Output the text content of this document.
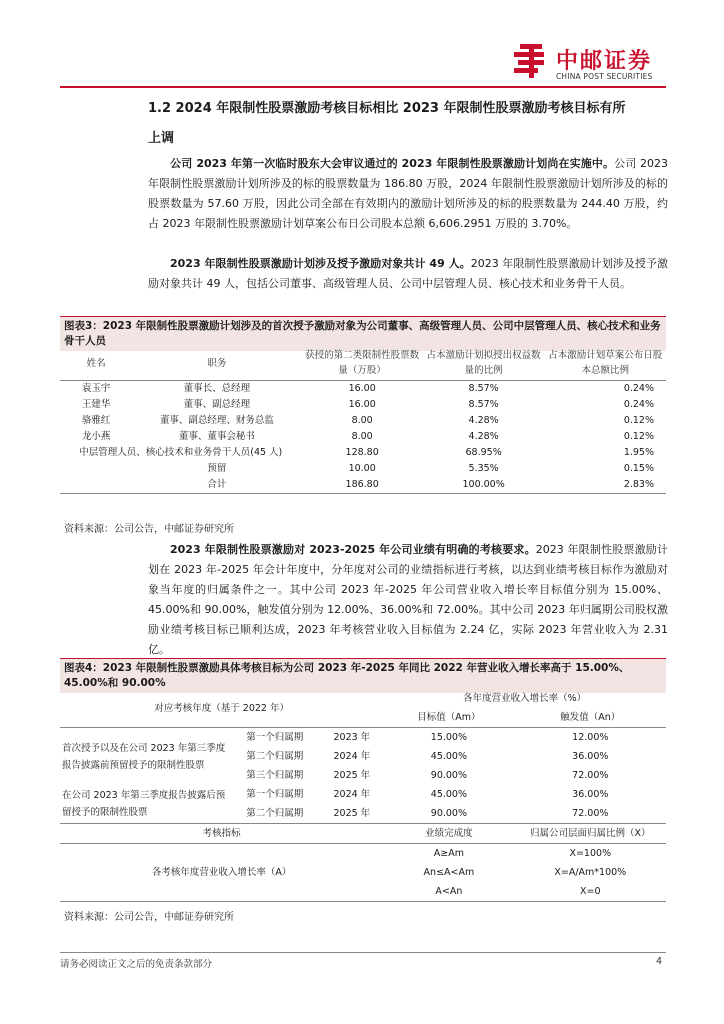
中邮证券
CHINA POST SECURITIES
1.2 2024 年限制性股票激励考核目标相比 2023 年限制性股票激励考核目标有所
上调
公司 2023 年第一次临时股东大会审议通过的 2023 年限制性股票激励计划尚在实施中。公司 2023 年限制性股票激励计划所涉及的标的股票数量为 186.80 万股，2024 年限制性股票激励计划所涉及的标的股票数量为 57.60 万股，因此公司全部在有效期内的激励计划所涉及的标的股票数量为 244.40 万股，约占 2023 年限制性股票激励计划草案公布日公司股本总额 6,606.2951 万股的 3.70%。
2023 年限制性股票激励计划涉及授予激励对象共计 49 人。2023 年限制性股票激励计划涉及授予激励对象共计 49 人，包括公司董事、高级管理人员、公司中层管理人员、核心技术和业务骨干人员。
图表3：2023 年限制性股票激励计划涉及的首次授予激励对象为公司董事、高级管理人员、公司中层管理人员、核心技术和业务骨干人员
姓名	职务	获授的第二类限制性股票数量（万股）	占本激励计划拟授出权益数量的比例	占本激励计划草案公布日股本总额比例
袁玉宇	董事长、总经理	16.00	8.57%	0.24%
王建华	董事、副总经理	16.00	8.57%	0.24%
骆雅红	董事、副总经理、财务总监	8.00	4.28%	0.12%
龙小燕	董事、董事会秘书	8.00	4.28%	0.12%
中层管理人员、核心技术和业务骨干人员(45 人)		128.80	68.95%	1.95%
	预留	10.00	5.35%	0.15%
	合计	186.80	100.00%	2.83%
资料来源：公司公告，中邮证券研究所
2023 年限制性股票激励对 2023-2025 年公司业绩有明确的考核要求。2023 年限制性股票激励计划在 2023 年-2025 年会计年度中，分年度对公司的业绩指标进行考核，以达到业绩考核目标作为激励对象当年度的归属条件之一。其中公司 2023 年-2025 年公司营业收入增长率目标值分别为 15.00%、45.00%和 90.00%，触发值分别为 12.00%、36.00%和 72.00%。其中公司 2023 年归属期公司股权激励业绩考核目标已顺利达成，2023 年考核营业收入目标值为 2.24 亿，实际 2023 年营业收入为 2.31 亿。
图表4：2023 年限制性股票激励具体考核目标为公司 2023 年-2025 年同比 2022 年营业收入增长率高于 15.00%、45.00%和 90.00%
对应考核年度（基于 2022 年）			各年度营业收入增长率（%）	
			目标值（Am）	触发值（An）
首次授予以及在公司 2023 年第三季度报告披露前预留授予的限制性股票	第一个归属期	2023 年	15.00%	12.00%
	第二个归属期	2024 年	45.00%	36.00%
	第三个归属期	2025 年	90.00%	72.00%
在公司 2023 年第三季度报告披露后预留授予的限制性股票	第一个归属期	2024 年	45.00%	36.00%
	第二个归属期	2025 年	90.00%	72.00%
考核指标			业绩完成度	归属公司层面归属比例（X）
各考核年度营业收入增长率（A）			A≥Am	X=100%
			An≤A<Am	X=A/Am*100%
			A<An	X=0
资料来源：公司公告，中邮证券研究所
请务必阅读正文之后的免责条款部分	4
